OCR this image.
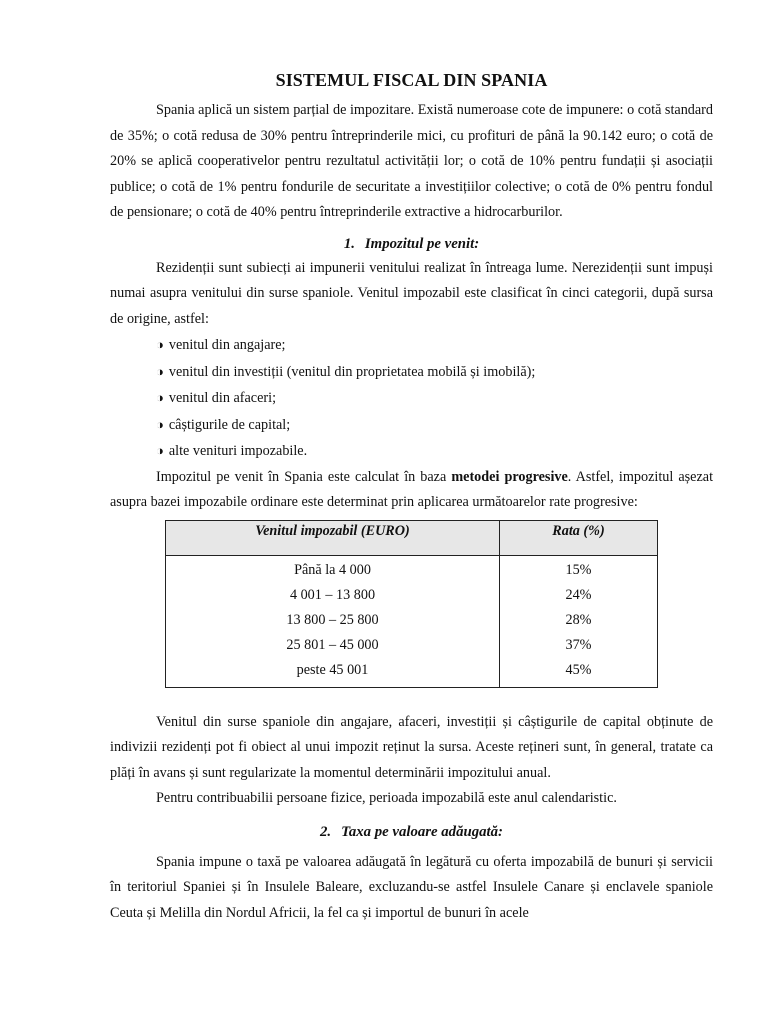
SISTEMUL FISCAL DIN SPANIA

Spania aplică un sistem parțial de impozitare. Există numeroase cote de impunere: o cotă standard de 35%; o cotă redusa de 30% pentru întreprinderile mici, cu profituri de până la 90.142 euro; o cotă de 20% se aplică cooperativelor pentru rezultatul activității lor; o cotă de 10% pentru fundații și asociații publice; o cotă de 1% pentru fondurile de securitate a investițiilor colective; o cotă de 0% pentru fondul de pensionare; o cotă de 40% pentru întreprinderile extractive a hidrocarburilor.

1. Impozitul pe venit:

Rezidenții sunt subiecți ai impunerii venitului realizat în întreaga lume. Nerezidenții sunt impuși numai asupra venitului din surse spaniole. Venitul impozabil este clasificat în cinci categorii, după sursa de origine, astfel:

◑ venitul din angajare;
◑ venitul din investiții (venitul din proprietatea mobilă și imobilă);
◑ venitul din afaceri;
◑ câștigurile de capital;
◑ alte venituri impozabile.

Impozitul pe venit în Spania este calculat în baza metodei progresive. Astfel, impozitul așezat asupra bazei impozabile ordinare este determinat prin aplicarea următoarelor rate progresive:

Venitul impozabil (EURO)	Rata (%)
Până la 4 000	15%
4 001 – 13 800	24%
13 800 – 25 800	28%
25 801 – 45 000	37%
peste 45 001	45%

Venitul din surse spaniole din angajare, afaceri, investiții și câștigurile de capital obținute de indivizii rezidenți pot fi obiect al unui impozit reținut la sursa. Aceste rețineri sunt, în general, tratate ca plăți în avans și sunt regularizate la momentul determinării impozitului anual.

Pentru contribuabilii persoane fizice, perioada impozabilă este anul calendaristic.

2. Taxa pe valoare adăugată:

Spania impune o taxă pe valoarea adăugată în legătură cu oferta impozabilă de bunuri și servicii în teritoriul Spaniei și în Insulele Baleare, excluzandu-se astfel Insulele Canare și enclavele spaniole Ceuta și Melilla din Nordul Africii, la fel ca și importul de bunuri în acele
